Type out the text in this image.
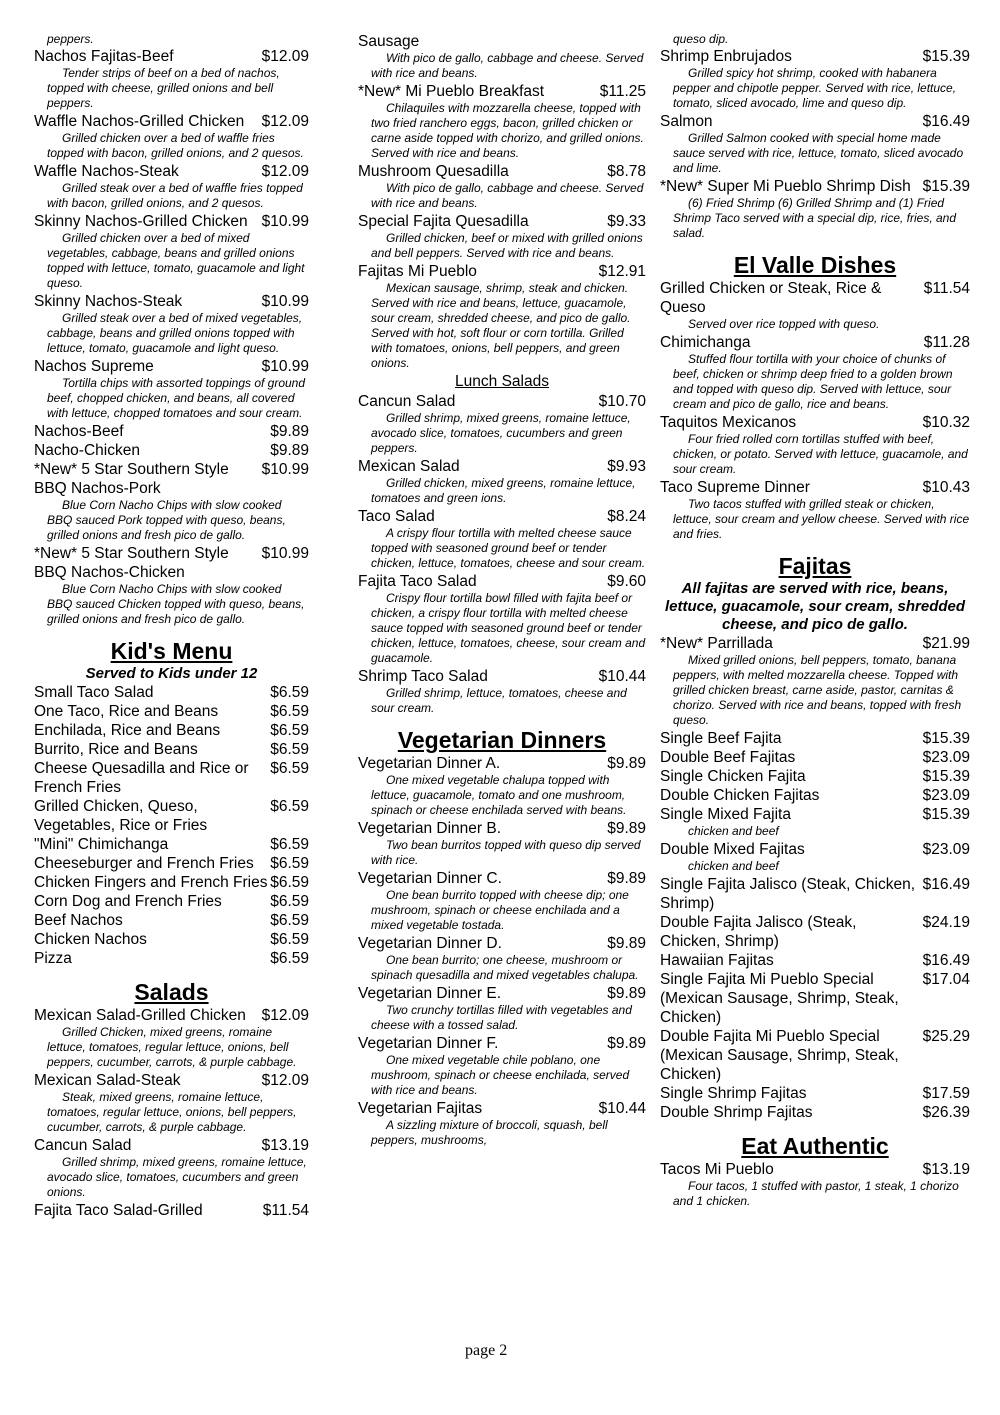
peppers.
Nachos Fajitas-Beef	$12.09
Tender strips of beef on a bed of nachos, topped with cheese, grilled onions and bell peppers.
Waffle Nachos-Grilled Chicken	$12.09
Grilled chicken over a bed of waffle fries topped with bacon, grilled onions, and 2 quesos.
Waffle Nachos-Steak	$12.09
Grilled steak over a bed of waffle fries topped with bacon, grilled onions, and 2 quesos.
Skinny Nachos-Grilled Chicken $10.99
Grilled chicken over a bed of mixed vegetables, cabbage, beans and grilled onions topped with lettuce, tomato, guacamole and light queso.
Skinny Nachos-Steak	$10.99
Grilled steak over a bed of mixed vegetables, cabbage, beans and grilled onions topped with lettuce, tomato, guacamole and light queso.
Nachos Supreme	$10.99
Tortilla chips with assorted toppings of ground beef, chopped chicken, and beans, all covered with lettuce, chopped tomatoes and sour cream.
Nachos-Beef	$9.89
Nacho-Chicken	$9.89
*New* 5 Star Southern Style BBQ Nachos-Pork
$10.99
Blue Corn Nacho Chips with slow cooked BBQ sauced Pork topped with queso, beans, grilled onions and fresh pico de gallo.
*New* 5 Star Southern Style BBQ Nachos-Chicken
$10.99
Blue Corn Nacho Chips with slow cooked BBQ sauced Chicken topped with queso, beans, grilled onions and fresh pico de gallo.
Kid's Menu
Served to Kids under 12
Small Taco Salad	$6.59
One Taco, Rice and Beans	$6.59
Enchilada, Rice and Beans	$6.59
Burrito, Rice and Beans	$6.59
Cheese Quesadilla and Rice or French Fries
$6.59
Grilled Chicken, Queso, Vegetables, Rice or Fries
$6.59
"Mini" Chimichanga	$6.59
Cheeseburger and French Fries	$6.59
Chicken Fingers and French Fries $6.59
Corn Dog and French Fries	$6.59
Beef Nachos	$6.59
Chicken Nachos	$6.59
Pizza	$6.59
Salads
Mexican Salad-Grilled Chicken	$12.09
Grilled Chicken, mixed greens, romaine lettuce, tomatoes, regular lettuce, onions, bell peppers, cucumber, carrots, & purple cabbage.
Mexican Salad-Steak	$12.09
Steak, mixed greens, romaine lettuce, tomatoes, regular lettuce, onions, bell peppers, cucumber, carrots, & purple cabbage.
Cancun Salad	$13.19
Grilled shrimp, mixed greens, romaine lettuce, avocado slice, tomatoes, cucumbers and green onions.
Fajita Taco Salad-Grilled	$11.54
Sausage
With pico de gallo, cabbage and cheese. Served with rice and beans.
*New* Mi Pueblo Breakfast	$11.25
Chilaquiles with mozzarella cheese, topped with two fried ranchero eggs, bacon, grilled chicken or carne aside topped with chorizo, and grilled onions. Served with rice and beans.
Mushroom Quesadilla	$8.78
With pico de gallo, cabbage and cheese. Served with rice and beans.
Special Fajita Quesadilla	$9.33
Grilled chicken, beef or mixed with grilled onions and bell peppers. Served with rice and beans.
Fajitas Mi Pueblo	$12.91
Mexican sausage, shrimp, steak and chicken. Served with rice and beans, lettuce, guacamole, sour cream, shredded cheese, and pico de gallo. Served with hot, soft flour or corn tortilla. Grilled with tomatoes, onions, bell peppers, and green onions.
Lunch Salads
Cancun Salad	$10.70
Grilled shrimp, mixed greens, romaine lettuce, avocado slice, tomatoes, cucumbers and green peppers.
Mexican Salad	$9.93
Grilled chicken, mixed greens, romaine lettuce, tomatoes and green ions.
Taco Salad	$8.24
A crispy flour tortilla with melted cheese sauce topped with seasoned ground beef or tender chicken, lettuce, tomatoes, cheese and sour cream.
Fajita Taco Salad	$9.60
Crispy flour tortilla bowl filled with fajita beef or chicken, a crispy flour tortilla with melted cheese sauce topped with seasoned ground beef or tender chicken, lettuce, tomatoes, cheese, sour cream and guacamole.
Shrimp Taco Salad	$10.44
Grilled shrimp, lettuce, tomatoes, cheese and sour cream.
Vegetarian Dinners
Vegetarian Dinner A.	$9.89
One mixed vegetable chalupa topped with lettuce, guacamole, tomato and one mushroom, spinach or cheese enchilada served with beans.
Vegetarian Dinner B.	$9.89
Two bean burritos topped with queso dip served with rice.
Vegetarian Dinner C.	$9.89
One bean burrito topped with cheese dip; one mushroom, spinach or cheese enchilada and a mixed vegetable tostada.
Vegetarian Dinner D.	$9.89
One bean burrito; one cheese, mushroom or spinach quesadilla and mixed vegetables chalupa.
Vegetarian Dinner E.	$9.89
Two crunchy tortillas filled with vegetables and cheese with a tossed salad.
Vegetarian Dinner F.	$9.89
One mixed vegetable chile poblano, one mushroom, spinach or cheese enchilada, served with rice and beans.
Vegetarian Fajitas	$10.44
A sizzling mixture of broccoli, squash, bell peppers, mushrooms,
queso dip.
Shrimp Enbrujados	$15.39
Grilled spicy hot shrimp, cooked with habanera pepper and chipotle pepper. Served with rice, lettuce, tomato, sliced avocado, lime and queso dip.
Salmon	$16.49
Grilled Salmon cooked with special home made sauce served with rice, lettuce, tomato, sliced avocado and lime.
*New* Super Mi Pueblo Shrimp Dish $15.39
(6) Fried Shrimp (6) Grilled Shrimp and (1) Fried Shrimp Taco served with a special dip, rice, fries, and salad.
El Valle Dishes
Grilled Chicken or Steak, Rice & Queso
$11.54
Served over rice topped with queso.
Chimichanga	$11.28
Stuffed flour tortilla with your choice of chunks of beef, chicken or shrimp deep fried to a golden brown and topped with queso dip. Served with lettuce, sour cream and pico de gallo, rice and beans.
Taquitos Mexicanos	$10.32
Four fried rolled corn tortillas stuffed with beef, chicken, or potato. Served with lettuce, guacamole, and sour cream.
Taco Supreme Dinner	$10.43
Two tacos stuffed with grilled steak or chicken, lettuce, sour cream and yellow cheese. Served with rice and fries.
Fajitas
All fajitas are served with rice, beans, lettuce, guacamole, sour cream, shredded cheese, and pico de gallo.
*New* Parrillada	$21.99
Mixed grilled onions, bell peppers, tomato, banana peppers, with melted mozzarella cheese. Topped with grilled chicken breast, carne aside, pastor, carnitas & chorizo. Served with rice and beans, topped with fresh queso.
Single Beef Fajita	$15.39
Double Beef Fajitas	$23.09
Single Chicken Fajita	$15.39
Double Chicken Fajitas	$23.09
Single Mixed Fajita	$15.39
chicken and beef
Double Mixed Fajitas	$23.09
chicken and beef
Single Fajita Jalisco (Steak, Chicken, Shrimp)
$16.49
Double Fajita Jalisco (Steak, Chicken, Shrimp)
$24.19
Hawaiian Fajitas	$16.49
Single Fajita Mi Pueblo Special (Mexican Sausage, Shrimp, Steak, Chicken)
$17.04
Double Fajita Mi Pueblo Special (Mexican Sausage, Shrimp, Steak, Chicken)
$25.29
Single Shrimp Fajitas	$17.59
Double Shrimp Fajitas	$26.39
Eat Authentic
Tacos Mi Pueblo	$13.19
Four tacos, 1 stuffed with pastor, 1 steak, 1 chorizo and 1 chicken.
page 2
